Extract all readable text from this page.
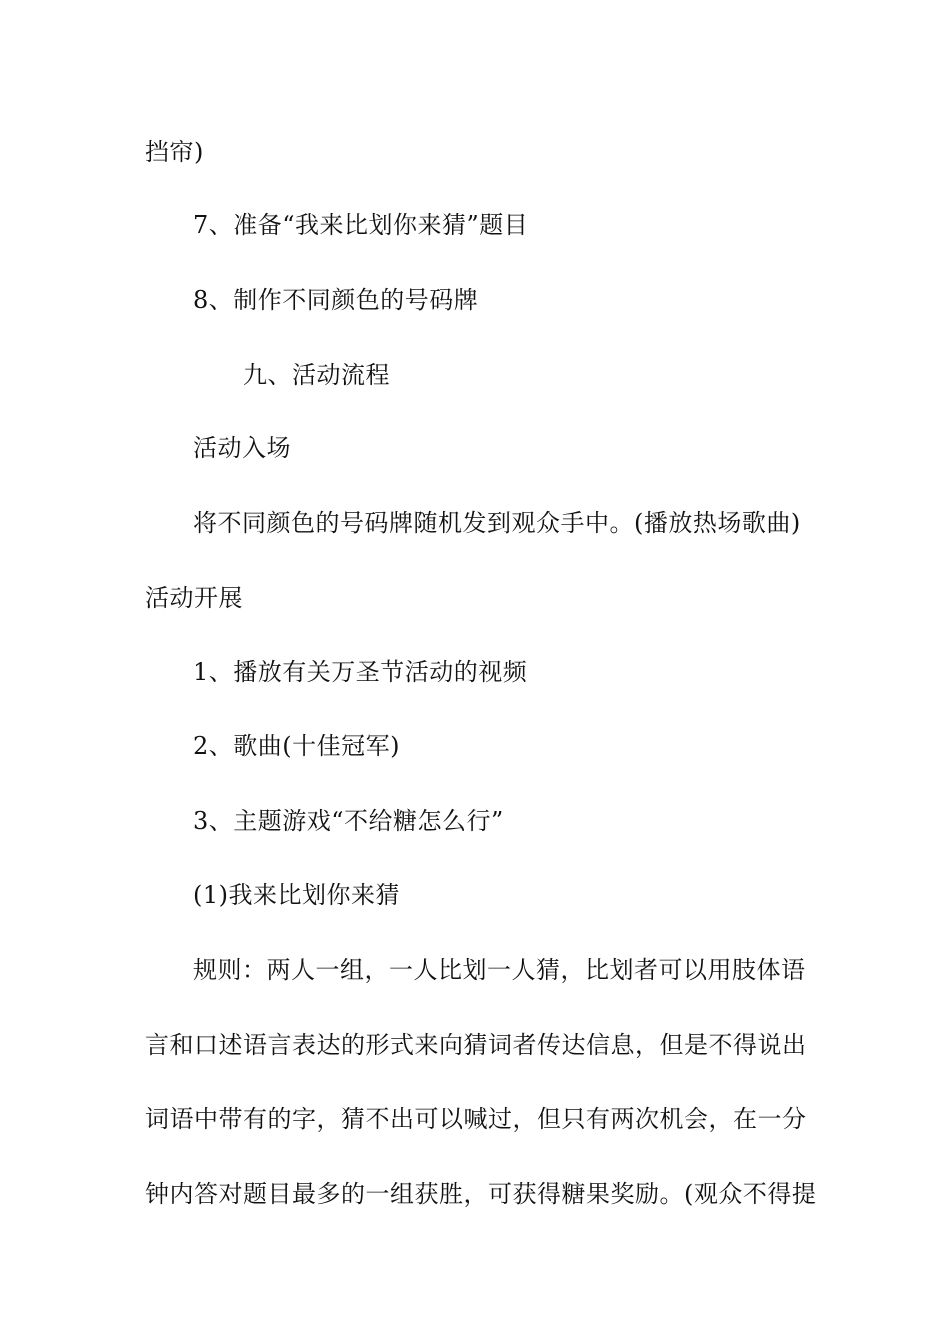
挡帘)
7、准备“我来比划你来猜”题目
8、制作不同颜色的号码牌
九、活动流程
活动入场
将不同颜色的号码牌随机发到观众手中。(播放热场歌曲)
活动开展
1、播放有关万圣节活动的视频
2、歌曲(十佳冠军)
3、主题游戏“不给糖怎么行”
(1)我来比划你来猜
规则：两人一组，一人比划一人猜，比划者可以用肢体语
言和口述语言表达的形式来向猜词者传达信息，但是不得说出
词语中带有的字，猜不出可以喊过，但只有两次机会，在一分
钟内答对题目最多的一组获胜，可获得糖果奖励。(观众不得提
